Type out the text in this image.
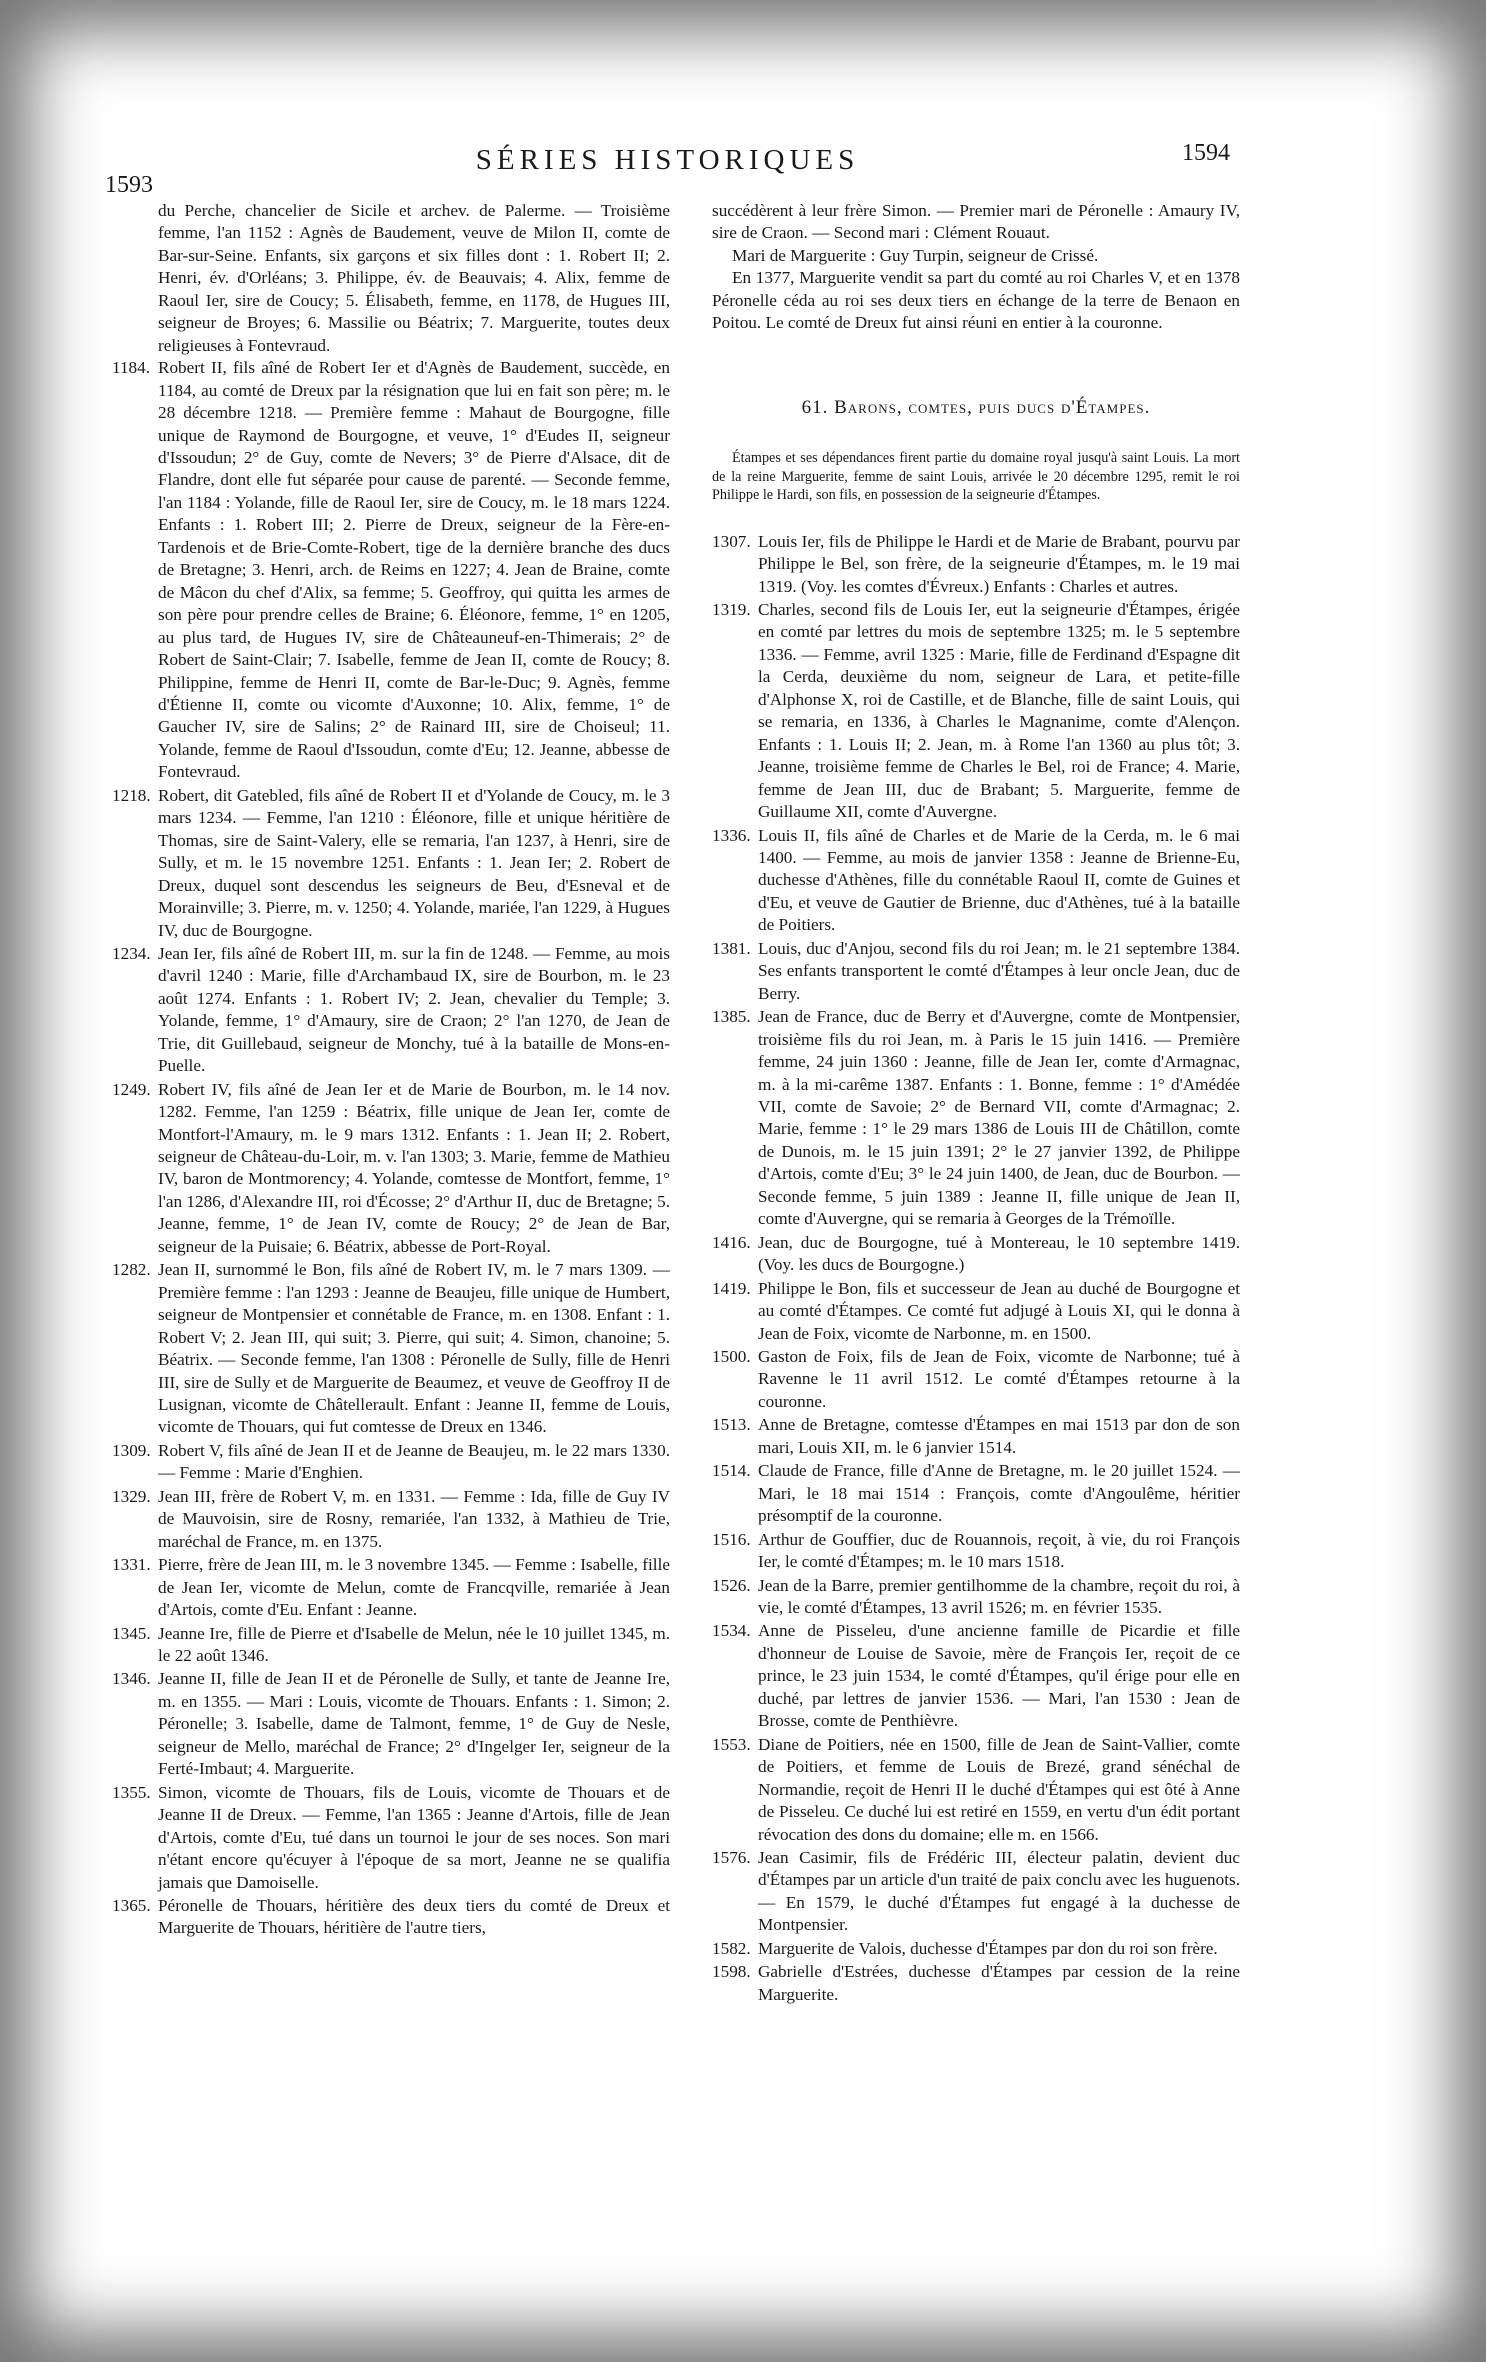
1593
SÉRIES HISTORIQUES	1594
du Perche, chancelier de Sicile et archev. de Palerme. — Troisième femme, l'an 1152 : Agnès de Baudement, veuve de Milon II, comte de Bar-sur-Seine. Enfants, six garçons et six filles dont : 1. Robert II; 2. Henri, év. d'Orléans; 3. Philippe, év. de Beauvais; 4. Alix, femme de Raoul Ier, sire de Coucy; 5. Élisabeth, femme, en 1178, de Hugues III, seigneur de Broyes; 6. Massilie ou Béatrix; 7. Marguerite, toutes deux religieuses à Fontevraud.
1184. Robert II, fils aîné de Robert Ier et d'Agnès de Baudement, succède, en 1184, au comté de Dreux par la résignation que lui en fait son père; m. le 28 décembre 1218. — Première femme : Mahaut de Bourgogne, fille unique de Raymond de Bourgogne, et veuve, 1° d'Eudes II, seigneur d'Issoudun; 2° de Guy, comte de Nevers; 3° de Pierre d'Alsace, dit de Flandre, dont elle fut séparée pour cause de parenté. — Seconde femme, l'an 1184 : Yolande, fille de Raoul Ier, sire de Coucy, m. le 18 mars 1224. Enfants : 1. Robert III; 2. Pierre de Dreux, seigneur de la Fère-en-Tardenois et de Brie-Comte-Robert, tige de la dernière branche des ducs de Bretagne; 3. Henri, arch. de Reims en 1227; 4. Jean de Braine, comte de Mâcon du chef d'Alix, sa femme; 5. Geoffroy, qui quitta les armes de son père pour prendre celles de Braine; 6. Éléonore, femme, 1° en 1205, au plus tard, de Hugues IV, sire de Châteauneuf-en-Thimerais; 2° de Robert de Saint-Clair; 7. Isabelle, femme de Jean II, comte de Roucy; 8. Philippine, femme de Henri II, comte de Bar-le-Duc; 9. Agnès, femme d'Étienne II, comte ou vicomte d'Auxonne; 10. Alix, femme, 1° de Gaucher IV, sire de Salins; 2° de Rainard III, sire de Choiseul; 11. Yolande, femme de Raoul d'Issoudun, comte d'Eu; 12. Jeanne, abbesse de Fontevraud.
1218. Robert, dit Gatebled, fils aîné de Robert II et d'Yolande de Coucy, m. le 3 mars 1234. — Femme, l'an 1210 : Éléonore, fille et unique héritière de Thomas, sire de Saint-Valery, elle se remaria, l'an 1237, à Henri, sire de Sully, et m. le 15 novembre 1251. Enfants : 1. Jean Ier; 2. Robert de Dreux, duquel sont descendus les seigneurs de Beu, d'Esneval et de Morainville; 3. Pierre, m. v. 1250; 4. Yolande, mariée, l'an 1229, à Hugues IV, duc de Bourgogne.
1234. Jean Ier, fils aîné de Robert III, m. sur la fin de 1248. — Femme, au mois d'avril 1240 : Marie, fille d'Archambaud IX, sire de Bourbon, m. le 23 août 1274. Enfants : 1. Robert IV; 2. Jean, chevalier du Temple; 3. Yolande, femme, 1° d'Amaury, sire de Craon; 2° l'an 1270, de Jean de Trie, dit Guillebaud, seigneur de Monchy, tué à la bataille de Mons-en-Puelle.
1249. Robert IV, fils aîné de Jean Ier et de Marie de Bourbon, m. le 14 nov. 1282. Femme, l'an 1259 : Béatrix, fille unique de Jean Ier, comte de Montfort-l'Amaury, m. le 9 mars 1312. Enfants : 1. Jean II; 2. Robert, seigneur de Château-du-Loir, m. v. l'an 1303; 3. Marie, femme de Mathieu IV, baron de Montmorency; 4. Yolande, comtesse de Montfort, femme, 1° l'an 1286, d'Alexandre III, roi d'Écosse; 2° d'Arthur II, duc de Bretagne; 5. Jeanne, femme, 1° de Jean IV, comte de Roucy; 2° de Jean de Bar, seigneur de la Puisaie; 6. Béatrix, abbesse de Port-Royal.
1282. Jean II, surnommé le Bon, fils aîné de Robert IV, m. le 7 mars 1309. — Première femme : l'an 1293 : Jeanne de Beaujeu, fille unique de Humbert, seigneur de Montpensier et connétable de France, m. en 1308. Enfant : 1. Robert V; 2. Jean III, qui suit; 3. Pierre, qui suit; 4. Simon, chanoine; 5. Béatrix. — Seconde femme, l'an 1308 : Péronelle de Sully, fille de Henri III, sire de Sully et de Marguerite de Beaumez, et veuve de Geoffroy II de Lusignan, vicomte de Châtellerault. Enfant : Jeanne II, femme de Louis, vicomte de Thouars, qui fut comtesse de Dreux en 1346.
1309. Robert V, fils aîné de Jean II et de Jeanne de Beaujeu, m. le 22 mars 1330. — Femme : Marie d'Enghien.
1329. Jean III, frère de Robert V, m. en 1331. — Femme : Ida, fille de Guy IV de Mauvoisin, sire de Rosny, remariée, l'an 1332, à Mathieu de Trie, maréchal de France, m. en 1375.
1331. Pierre, frère de Jean III, m. le 3 novembre 1345. — Femme : Isabelle, fille de Jean Ier, vicomte de Melun, comte de Francqville, remariée à Jean d'Artois, comte d'Eu. Enfant : Jeanne.
1345. Jeanne Ire, fille de Pierre et d'Isabelle de Melun, née le 10 juillet 1345, m. le 22 août 1346.
1346. Jeanne II, fille de Jean II et de Péronelle de Sully, et tante de Jeanne Ire, m. en 1355. — Mari : Louis, vicomte de Thouars. Enfants : 1. Simon; 2. Péronelle; 3. Isabelle, dame de Talmont, femme, 1° de Guy de Nesle, seigneur de Mello, maréchal de France; 2° d'Ingelger Ier, seigneur de la Ferté-Imbaut; 4. Marguerite.
1355. Simon, vicomte de Thouars, fils de Louis, vicomte de Thouars et de Jeanne II de Dreux. — Femme, l'an 1365 : Jeanne d'Artois, fille de Jean d'Artois, comte d'Eu, tué dans un tournoi le jour de ses noces. Son mari n'étant encore qu'écuyer à l'époque de sa mort, Jeanne ne se qualifia jamais que Damoiselle.
1365. Péronelle de Thouars, héritière des deux tiers du comté de Dreux et Marguerite de Thouars, héritière de l'autre tiers,
succédèrent à leur frère Simon. — Premier mari de Péronelle : Amaury IV, sire de Craon. — Second mari : Clément Rouaut.
Mari de Marguerite : Guy Turpin, seigneur de Crissé.
En 1377, Marguerite vendit sa part du comté au roi Charles V, et en 1378 Péronelle céda au roi ses deux tiers en échange de la terre de Benaon en Poitou. Le comté de Dreux fut ainsi réuni en entier à la couronne.
61. Barons, comtes, puis ducs d'Étampes.
Étampes et ses dépendances firent partie du domaine royal jusqu'à saint Louis. La mort de la reine Marguerite, femme de saint Louis, arrivée le 20 décembre 1295, remit le roi Philippe le Hardi, son fils, en possession de la seigneurie d'Étampes.
1307. Louis Ier, fils de Philippe le Hardi et de Marie de Brabant, pourvu par Philippe le Bel, son frère, de la seigneurie d'Étampes, m. le 19 mai 1319. (Voy. les comtes d'Évreux.) Enfants : Charles et autres.
1319. Charles, second fils de Louis Ier, eut la seigneurie d'Étampes, érigée en comté par lettres du mois de septembre 1325; m. le 5 septembre 1336. — Femme, avril 1325 : Marie, fille de Ferdinand d'Espagne dit la Cerda, deuxième du nom, seigneur de Lara, et petite-fille d'Alphonse X, roi de Castille, et de Blanche, fille de saint Louis, qui se remaria, en 1336, à Charles le Magnanime, comte d'Alençon. Enfants : 1. Louis II; 2. Jean, m. à Rome l'an 1360 au plus tôt; 3. Jeanne, troisième femme de Charles le Bel, roi de France; 4. Marie, femme de Jean III, duc de Brabant; 5. Marguerite, femme de Guillaume XII, comte d'Auvergne.
1336. Louis II, fils aîné de Charles et de Marie de la Cerda, m. le 6 mai 1400. — Femme, au mois de janvier 1358 : Jeanne de Brienne-Eu, duchesse d'Athènes, fille du connétable Raoul II, comte de Guines et d'Eu, et veuve de Gautier de Brienne, duc d'Athènes, tué à la bataille de Poitiers.
1381. Louis, duc d'Anjou, second fils du roi Jean; m. le 21 septembre 1384. Ses enfants transportent le comté d'Étampes à leur oncle Jean, duc de Berry.
1385. Jean de France, duc de Berry et d'Auvergne, comte de Montpensier, troisième fils du roi Jean, m. à Paris le 15 juin 1416. — Première femme, 24 juin 1360 : Jeanne, fille de Jean Ier, comte d'Armagnac, m. à la mi-carême 1387. Enfants : 1. Bonne, femme : 1° d'Amédée VII, comte de Savoie; 2° de Bernard VII, comte d'Armagnac; 2. Marie, femme : 1° le 29 mars 1386 de Louis III de Châtillon, comte de Dunois, m. le 15 juin 1391; 2° le 27 janvier 1392, de Philippe d'Artois, comte d'Eu; 3° le 24 juin 1400, de Jean, duc de Bourbon. — Seconde femme, 5 juin 1389 : Jeanne II, fille unique de Jean II, comte d'Auvergne, qui se remaria à Georges de la Trémoïlle.
1416. Jean, duc de Bourgogne, tué à Montereau, le 10 septembre 1419. (Voy. les ducs de Bourgogne.)
1419. Philippe le Bon, fils et successeur de Jean au duché de Bourgogne et au comté d'Étampes. Ce comté fut adjugé à Louis XI, qui le donna à Jean de Foix, vicomte de Narbonne, m. en 1500.
1500. Gaston de Foix, fils de Jean de Foix, vicomte de Narbonne; tué à Ravenne le 11 avril 1512. Le comté d'Étampes retourne à la couronne.
1513. Anne de Bretagne, comtesse d'Étampes en mai 1513 par don de son mari, Louis XII, m. le 6 janvier 1514.
1514. Claude de France, fille d'Anne de Bretagne, m. le 20 juillet 1524. — Mari, le 18 mai 1514 : François, comte d'Angoulême, héritier présomptif de la couronne.
1516. Arthur de Gouffier, duc de Rouannois, reçoit, à vie, du roi François Ier, le comté d'Étampes; m. le 10 mars 1518.
1526. Jean de la Barre, premier gentilhomme de la chambre, reçoit du roi, à vie, le comté d'Étampes, 13 avril 1526; m. en février 1535.
1534. Anne de Pisseleu, d'une ancienne famille de Picardie et fille d'honneur de Louise de Savoie, mère de François Ier, reçoit de ce prince, le 23 juin 1534, le comté d'Étampes, qu'il érige pour elle en duché, par lettres de janvier 1536. — Mari, l'an 1530 : Jean de Brosse, comte de Penthièvre.
1553. Diane de Poitiers, née en 1500, fille de Jean de Saint-Vallier, comte de Poitiers, et femme de Louis de Brezé, grand sénéchal de Normandie, reçoit de Henri II le duché d'Étampes qui est ôté à Anne de Pisseleu. Ce duché lui est retiré en 1559, en vertu d'un édit portant révocation des dons du domaine; elle m. en 1566.
1576. Jean Casimir, fils de Frédéric III, électeur palatin, devient duc d'Étampes par un article d'un traité de paix conclu avec les huguenots. — En 1579, le duché d'Étampes fut engagé à la duchesse de Montpensier.
1582. Marguerite de Valois, duchesse d'Étampes par don du roi son frère.
1598. Gabrielle d'Estrées, duchesse d'Étampes par cession de la reine Marguerite.
